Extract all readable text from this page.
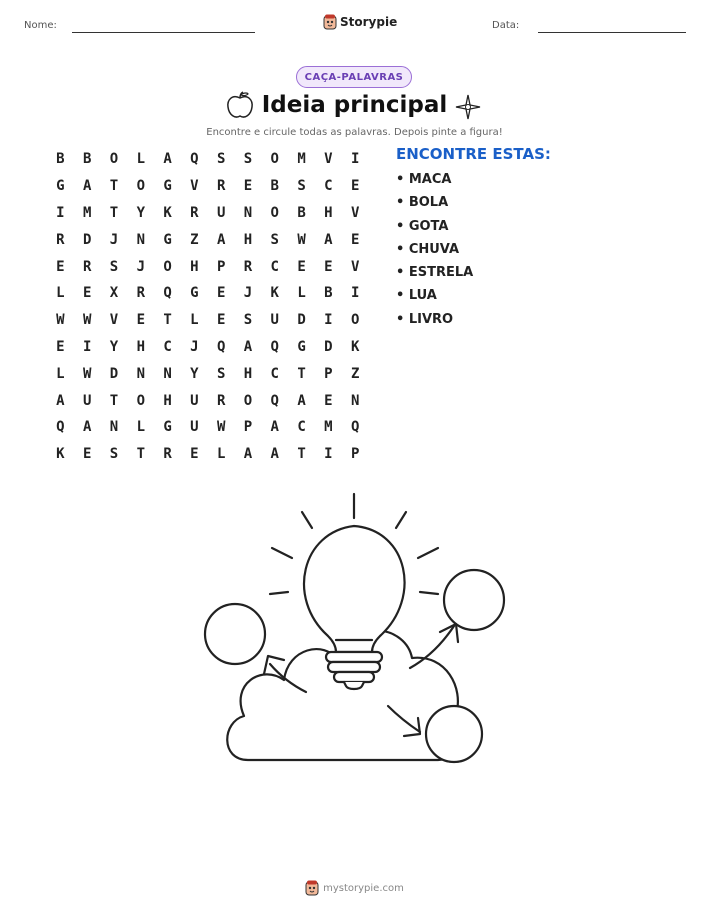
Nome:	Storypie	Data:
CAÇA-PALAVRAS
Ideia principal
Encontre e circule todas as palavras. Depois pinte a figura!
B	B	O	L	A	Q	S	S	O	M	V	I
G	A	T	O	G	V	R	E	B	S	C	E
I	M	T	Y	K	R	U	N	O	B	H	V
R	D	J	N	G	Z	A	H	S	W	A	E
E	R	S	J	O	H	P	R	C	E	E	V
L	E	X	R	Q	G	E	J	K	L	B	I
W	W	V	E	T	L	E	S	U	D	I	O
E	I	Y	H	C	J	Q	A	Q	G	D	K
L	W	D	N	N	Y	S	H	C	T	P	Z
A	U	T	O	H	U	R	O	Q	A	E	N
Q	A	N	L	G	U	W	P	A	C	M	Q
K	E	S	T	R	E	L	A	A	T	I	P
ENCONTRE ESTAS:
• MACA
• BOLA
• GOTA
• CHUVA
• ESTRELA
• LUA
• LIVRO
mystorypie.com
